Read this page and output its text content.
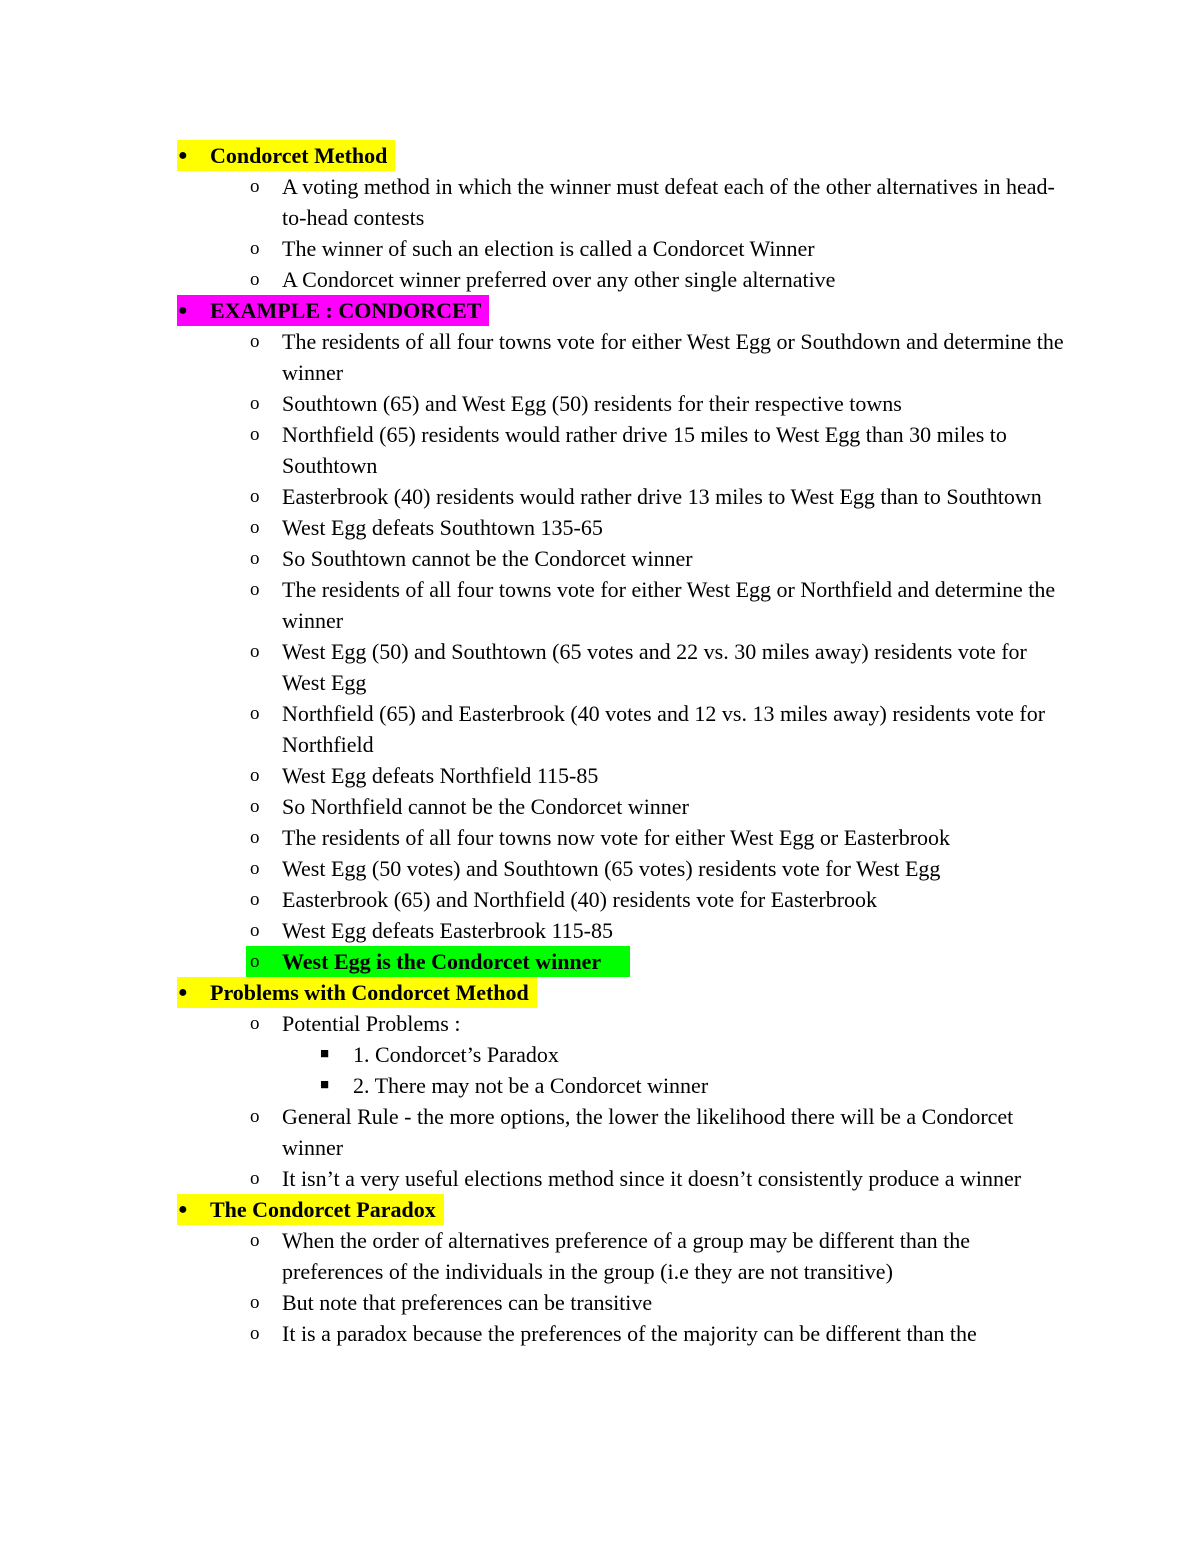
● Condorcet Method
o A voting method in which the winner must defeat each of the other alternatives in head-to-head contests
o The winner of such an election is called a Condorcet Winner
o A Condorcet winner preferred over any other single alternative
● EXAMPLE : CONDORCET
o The residents of all four towns vote for either West Egg or Southdown and determine the winner
o Southtown (65) and West Egg (50) residents for their respective towns
o Northfield (65) residents would rather drive 15 miles to West Egg than 30 miles to Southtown
o Easterbrook (40) residents would rather drive 13 miles to West Egg than to Southtown
o West Egg defeats Southtown 135-65
o So Southtown cannot be the Condorcet winner
o The residents of all four towns vote for either West Egg or Northfield and determine the winner
o West Egg (50) and Southtown (65 votes and 22 vs. 30 miles away) residents vote for West Egg
o Northfield (65) and Easterbrook (40 votes and 12 vs. 13 miles away) residents vote for Northfield
o West Egg defeats Northfield 115-85
o So Northfield cannot be the Condorcet winner
o The residents of all four towns now vote for either West Egg or Easterbrook
o West Egg (50 votes) and Southtown (65 votes) residents vote for West Egg
o Easterbrook (65) and Northfield (40) residents vote for Easterbrook
o West Egg defeats Easterbrook 115-85
o West Egg is the Condorcet winner
● Problems with Condorcet Method
o Potential Problems :
■ 1. Condorcet’s Paradox
■ 2. There may not be a Condorcet winner
o General Rule - the more options, the lower the likelihood there will be a Condorcet winner
o It isn’t a very useful elections method since it doesn’t consistently produce a winner
● The Condorcet Paradox
o When the order of alternatives preference of a group may be different than the preferences of the individuals in the group (i.e they are not transitive)
o But note that preferences can be transitive
o It is a paradox because the preferences of the majority can be different than the
